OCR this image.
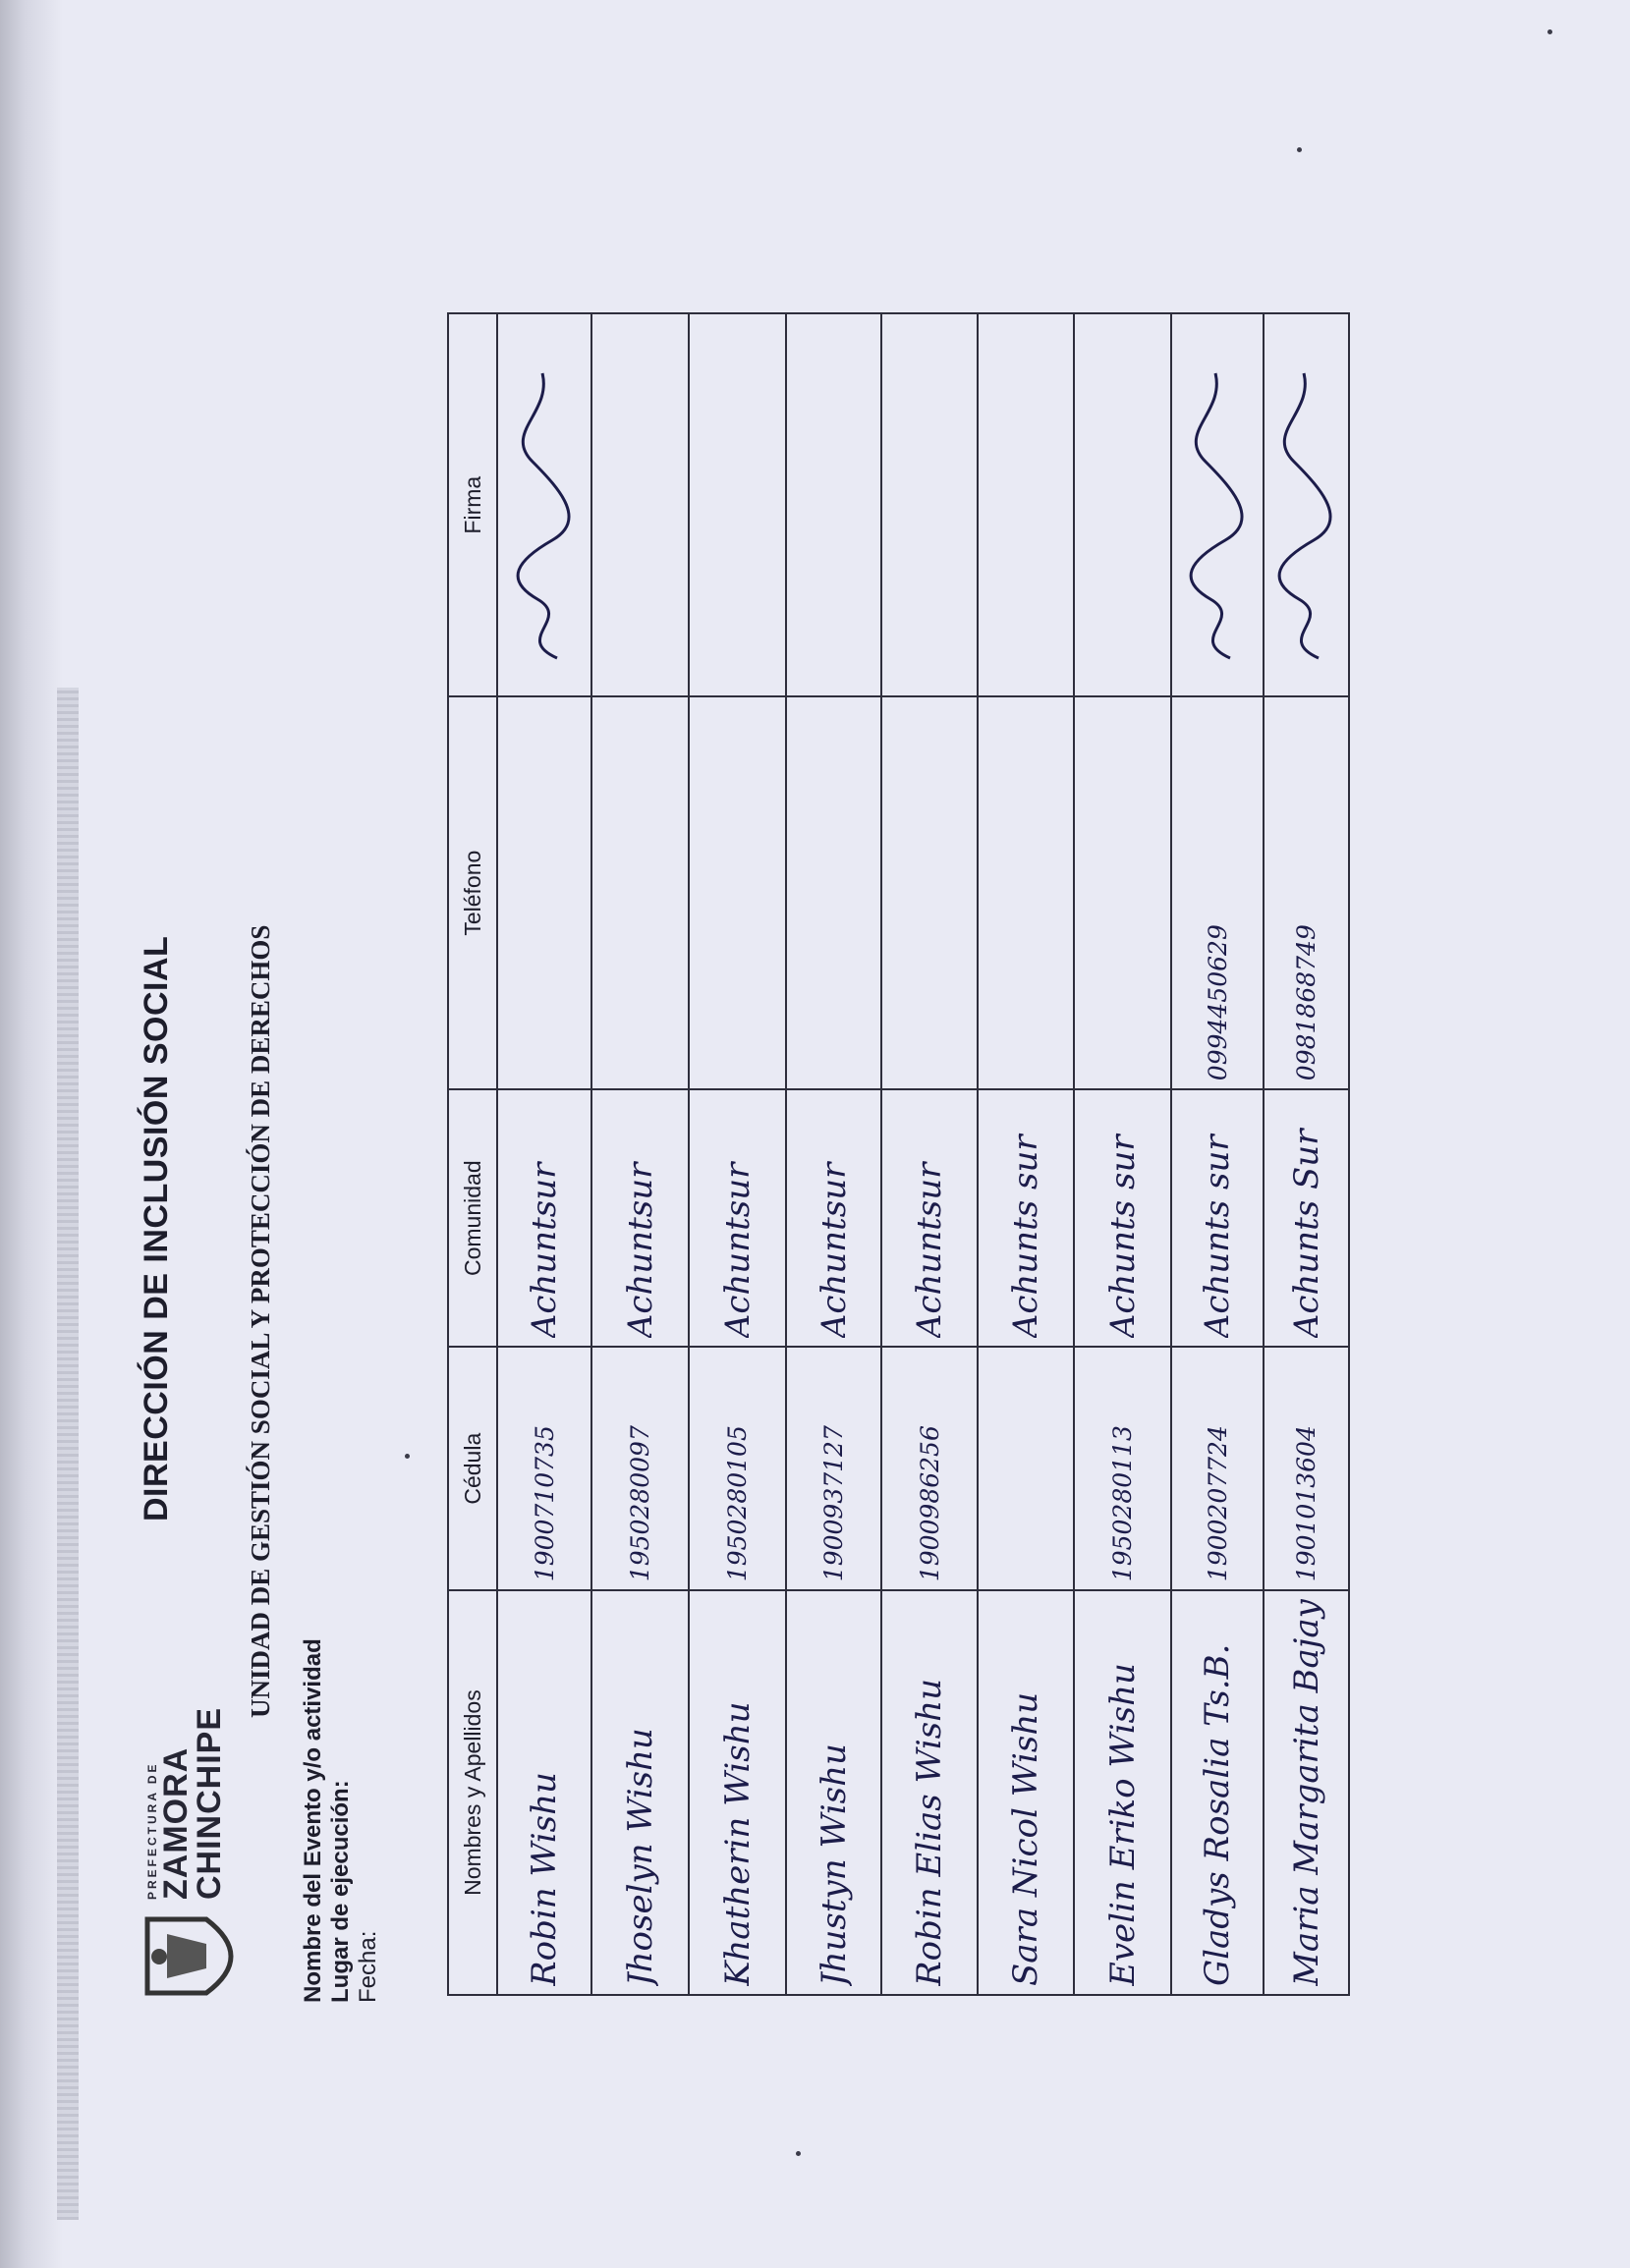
PREFECTURA DE
ZAMORA
CHINCHIPE
DIRECCIÓN DE INCLUSIÓN SOCIAL	UNIDAD DE GESTIÓN SOCIAL Y PROTECCIÓN DE DERECHOS
Nombre del Evento y/o actividad Lugar de ejecución: Fecha:
Nombres y Apellidos	Cédula	Comunidad	Teléfono	Firma

Robin Wishu	1900710735	Achuntsur

Jhoselyn Wishu	1950280097	Achuntsur		

Khatherin Wishu	1950280105	Achuntsur		

Jhustyn Wishu	1900937127	Achuntsur		

Robin Elias Wishu	1900986256	Achuntsur		

Sara Nicol Wishu		Achunts sur		

Evelin Eriko Wishu	1950280113	Achunts sur		

Gladys Rosalia Ts.B.	1900207724	Achunts sur	0994450629

Maria Margarita Bajay	1901013604	Achunts Sur	0981868749
